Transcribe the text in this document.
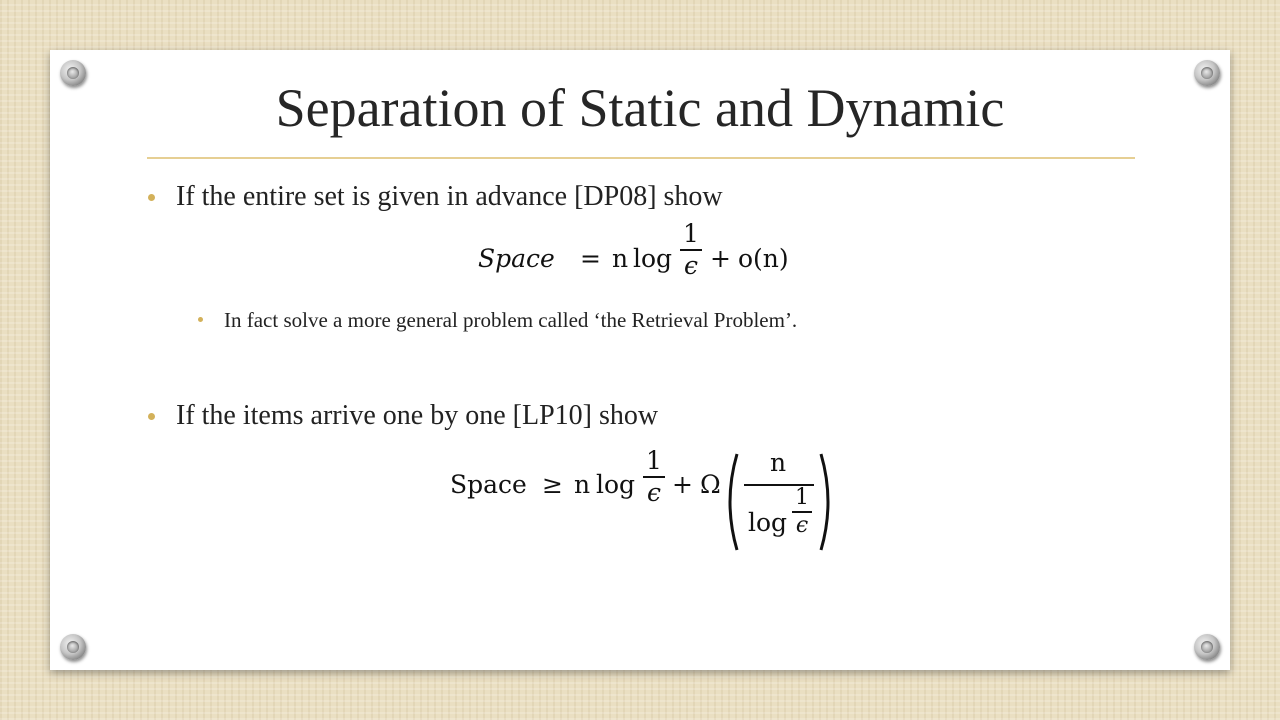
Separation of Static and Dynamic
If the entire set is given in advance [DP08] show
Space = n log
1
ϵ + o(n)
In fact solve a more general problem called ‘the Retrieval Problem’.
If the items arrive one by one [LP10] show
Space ≥ n log
1
ϵ + Ω
n
log
1
ϵ
